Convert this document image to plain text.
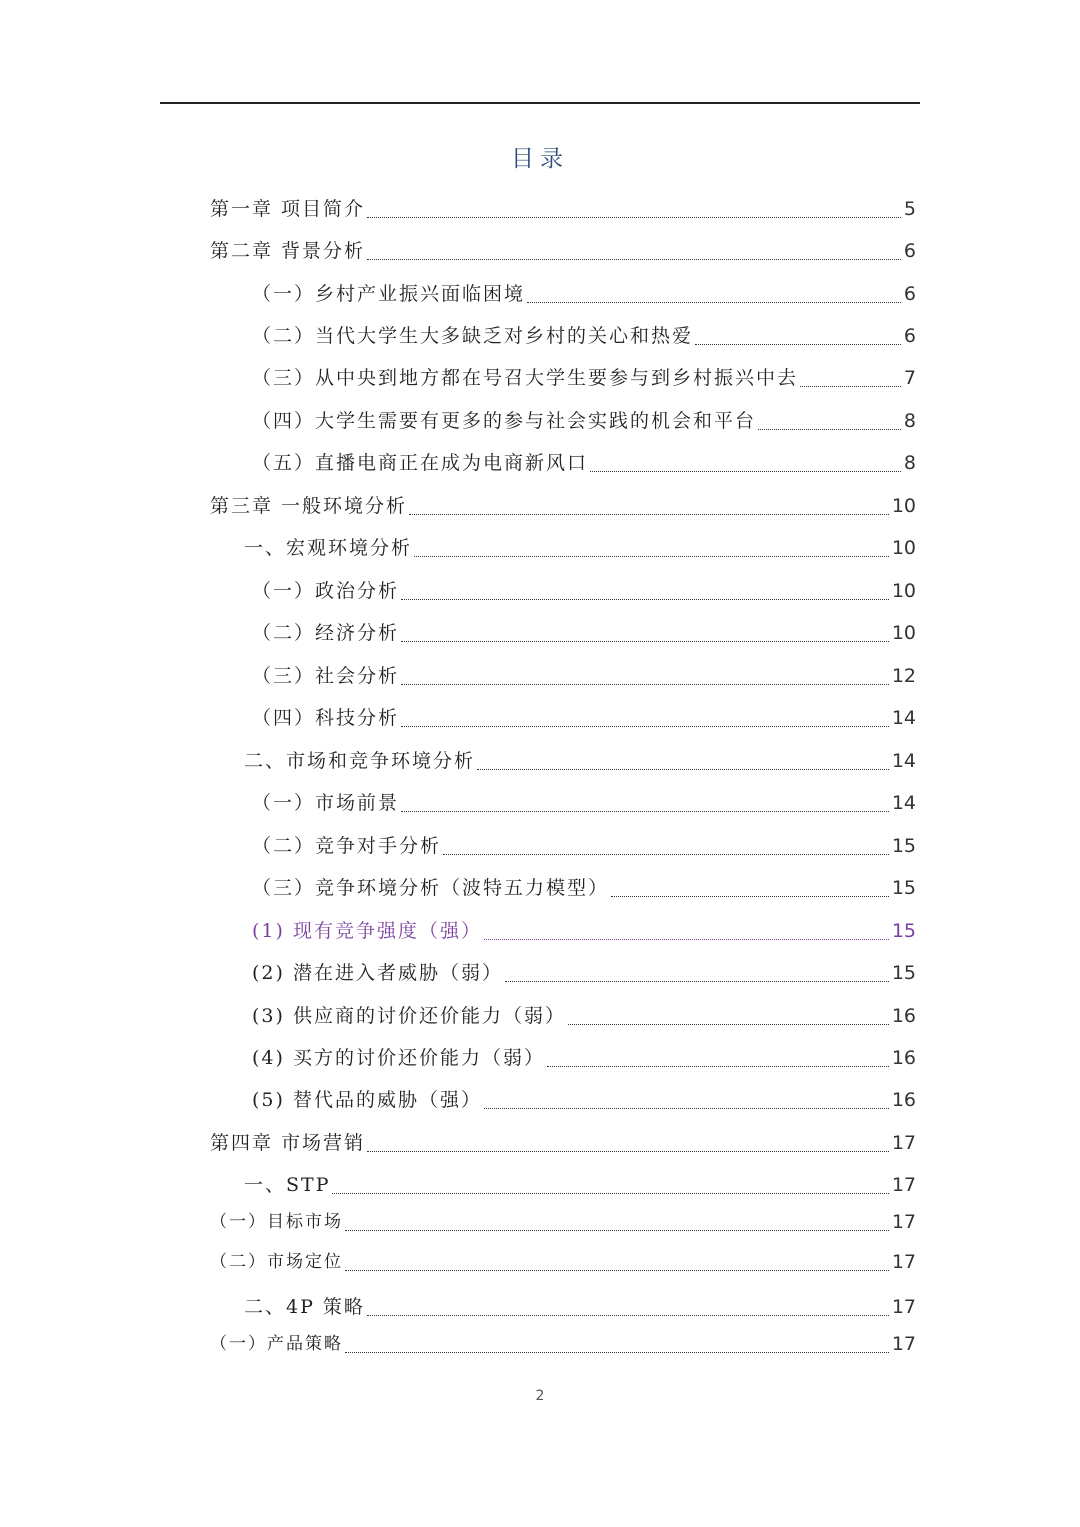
目录
第一章 项目简介	5
第二章 背景分析	6
（一）乡村产业振兴面临困境	6
（二）当代大学生大多缺乏对乡村的关心和热爱	6
（三）从中央到地方都在号召大学生要参与到乡村振兴中去	7
（四）大学生需要有更多的参与社会实践的机会和平台	8
（五）直播电商正在成为电商新风口	8
第三章 一般环境分析	10
一、宏观环境分析	10
（一）政治分析	10
（二）经济分析	10
（三）社会分析	12
（四）科技分析	14
二、市场和竞争环境分析	14
（一）市场前景	14
（二）竞争对手分析	15
（三）竞争环境分析（波特五力模型）	15
(1) 现有竞争强度（强）	15
(2) 潜在进入者威胁（弱）	15
(3) 供应商的讨价还价能力（弱）	16
(4) 买方的讨价还价能力（弱）	16
(5) 替代品的威胁（强）	16
第四章 市场营销	17
一、STP	17
（一）目标市场	17
（二）市场定位	17
二、4P 策略	17
（一）产品策略	17
2
